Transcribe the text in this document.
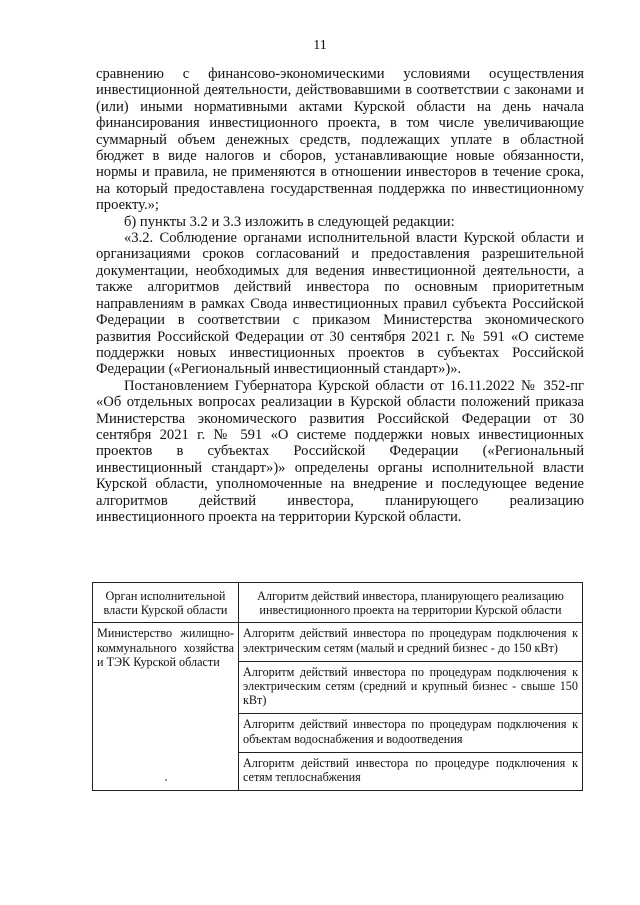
11

сравнению с финансово-экономическими условиями осуществления инвестиционной деятельности, действовавшими в соответствии с законами и (или) иными нормативными актами Курской области на день начала финансирования инвестиционного проекта, в том числе увеличивающие суммарный объем денежных средств, подлежащих уплате в областной бюджет в виде налогов и сборов, устанавливающие новые обязанности, нормы и правила, не применяются в отношении инвесторов в течение срока, на который предоставлена государственная поддержка по инвестиционному проекту.»;

б) пункты 3.2 и 3.3 изложить в следующей редакции:

«3.2. Соблюдение органами исполнительной власти Курской области и организациями сроков согласований и предоставления разрешительной документации, необходимых для ведения инвестиционной деятельности, а также алгоритмов действий инвестора по основным приоритетным направлениям в рамках Свода инвестиционных правил субъекта Российской Федерации в соответствии с приказом Министерства экономического развития Российской Федерации от 30 сентября 2021 г. № 591 «О системе поддержки новых инвестиционных проектов в субъектах Российской Федерации («Региональный инвестиционный стандарт»)».

Постановлением Губернатора Курской области от 16.11.2022 № 352-пг «Об отдельных вопросах реализации в Курской области положений приказа Министерства экономического развития Российской Федерации от 30 сентября 2021 г. № 591 «О системе поддержки новых инвестиционных проектов в субъектах Российской Федерации («Региональный инвестиционный стандарт»)» определены органы исполнительной власти Курской области, уполномоченные на внедрение и последующее ведение алгоритмов действий инвестора, планирующего реализацию инвестиционного проекта на территории Курской области.

Орган исполнительной власти Курской области	Алгоритм действий инвестора, планирующего реализацию инвестиционного проекта на территории Курской области
Министерство жилищно-коммунального хозяйства и ТЭК Курской области	Алгоритм действий инвестора по процедурам подключения к электрическим сетям (малый и средний бизнес - до 150 кВт)
	Алгоритм действий инвестора по процедурам подключения к электрическим сетям (средний и крупный бизнес - свыше 150 кВт)
	Алгоритм действий инвестора по процедурам подключения к объектам водоснабжения и водоотведения
	Алгоритм действий инвестора по процедуре подключения к сетям теплоснабжения
